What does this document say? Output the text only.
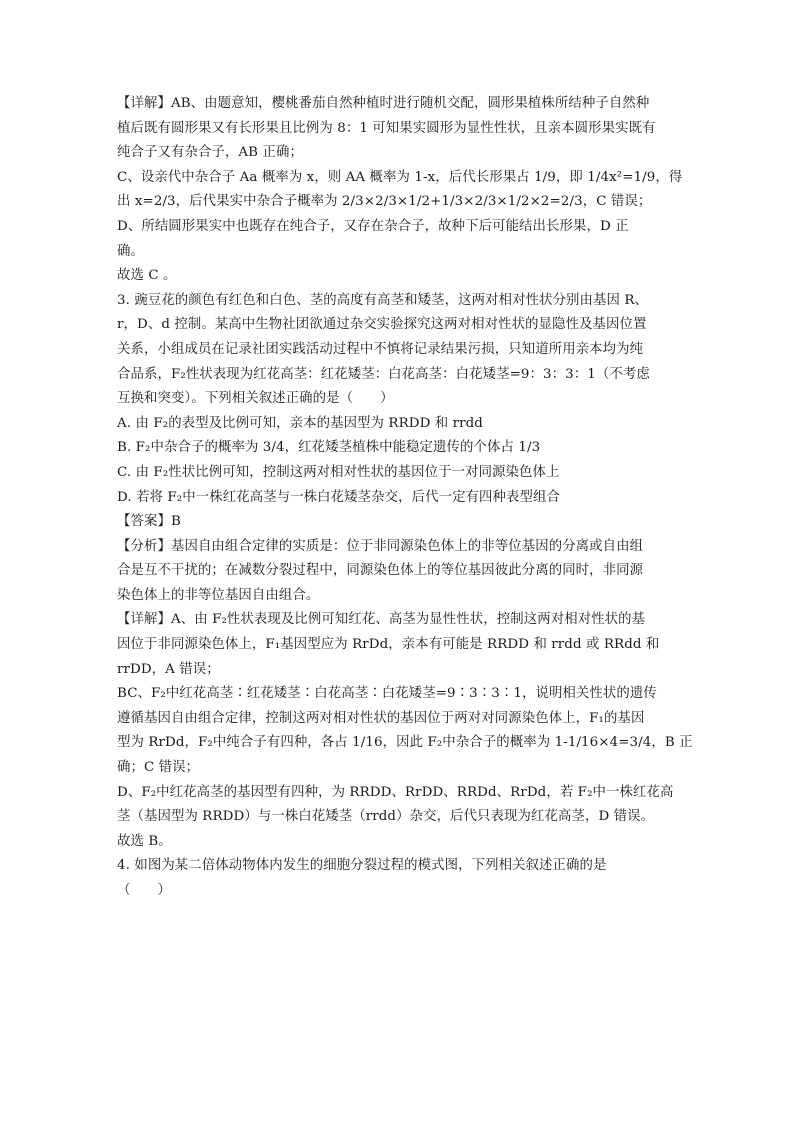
【详解】AB、由题意知，樱桃番茄自然种植时进行随机交配，圆形果植株所结种子自然种
植后既有圆形果又有长形果且比例为 8：1 可知果实圆形为显性性状，且亲本圆形果实既有
纯合子又有杂合子，AB 正确；
C、设亲代中杂合子 Aa 概率为 x，则 AA 概率为 1-x，后代长形果占 1/9，即 1/4x²=1/9，得
出 x=2/3，后代果实中杂合子概率为 2/3×2/3×1/2+1/3×2/3×1/2×2=2/3，C 错误；
D、所结圆形果实中也既存在纯合子，又存在杂合子，故种下后可能结出长形果，D 正
确。
故选 C 。
3. 豌豆花的颜色有红色和白色、茎的高度有高茎和矮茎，这两对相对性状分别由基因 R、
r，D、d 控制。某高中生物社团欲通过杂交实验探究这两对相对性状的显隐性及基因位置
关系，小组成员在记录社团实践活动过程中不慎将记录结果污损，只知道所用亲本均为纯
合品系，F₂性状表现为红花高茎：红花矮茎：白花高茎：白花矮茎=9：3：3：1（不考虑
互换和突变）。下列相关叙述正确的是（　　）
A. 由 F₂的表型及比例可知，亲本的基因型为 RRDD 和 rrdd
B. F₂中杂合子的概率为 3/4，红花矮茎植株中能稳定遗传的个体占 1/3
C. 由 F₂性状比例可知，控制这两对相对性状的基因位于一对同源染色体上
D. 若将 F₂中一株红花高茎与一株白花矮茎杂交，后代一定有四种表型组合
【答案】B
【分析】基因自由组合定律的实质是：位于非同源染色体上的非等位基因的分离或自由组
合是互不干扰的；在减数分裂过程中，同源染色体上的等位基因彼此分离的同时，非同源
染色体上的非等位基因自由组合。
【详解】A、由 F₂性状表现及比例可知红花、高茎为显性性状，控制这两对相对性状的基
因位于非同源染色体上，F₁基因型应为 RrDd，亲本有可能是 RRDD 和 rrdd 或 RRdd 和
rrDD，A 错误；
BC、F₂中红花高茎∶红花矮茎∶白花高茎∶白花矮茎=9∶3∶3∶1，说明相关性状的遗传
遵循基因自由组合定律，控制这两对相对性状的基因位于两对对同源染色体上，F₁的基因
型为 RrDd，F₂中纯合子有四种，各占 1/16，因此 F₂中杂合子的概率为 1-1/16×4=3/4，B 正
确；C 错误；
D、F₂中红花高茎的基因型有四种，为 RRDD、RrDD、RRDd、RrDd，若 F₂中一株红花高
茎（基因型为 RRDD）与一株白花矮茎（rrdd）杂交，后代只表现为红花高茎，D 错误。
故选 B。
4. 如图为某二倍体动物体内发生的细胞分裂过程的模式图，下列相关叙述正确的是
（　　）
